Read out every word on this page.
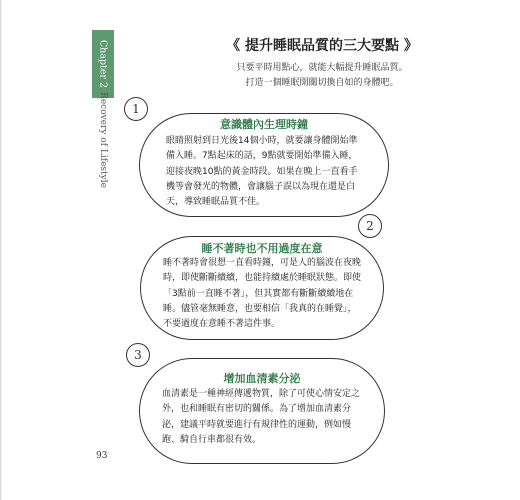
Chapter 2
Recovery of Lifestyle
《 提升睡眠品質的三大要點 》
只要平時用點心，就能大幅提升睡眠品質。
打造一個睡眠開關切換自如的身體吧。
意識體內生理時鐘
眼睛照射到日光後14個小時，就要讓身體開始準
備入睡。7點起床的話，9點就要開始準備入睡，
迎接夜晚10點的黃金時段。如果在晚上一直看手
機等會發光的物體，會讓腦子誤以為現在還是白
天，導致睡眠品質不佳。
1
睡不著時也不用過度在意
睡不著時會很想一直看時鐘，可是人的腦波在夜晚
時，即使斷斷續續，也能持續處於睡眠狀態。即使
「3點前一直睡不著」，但其實都有斷斷續續地在
睡。儘管毫無睡意，也要相信「我真的在睡覺」，
不要過度在意睡不著這件事。
2
增加血清素分泌
血清素是一種神經傳遞物質，除了可使心情安定之
外，也和睡眠有密切的關係。為了增加血清素分
泌，建議平時就要進行有規律性的運動，例如慢
跑、騎自行車都很有效。
3
93
